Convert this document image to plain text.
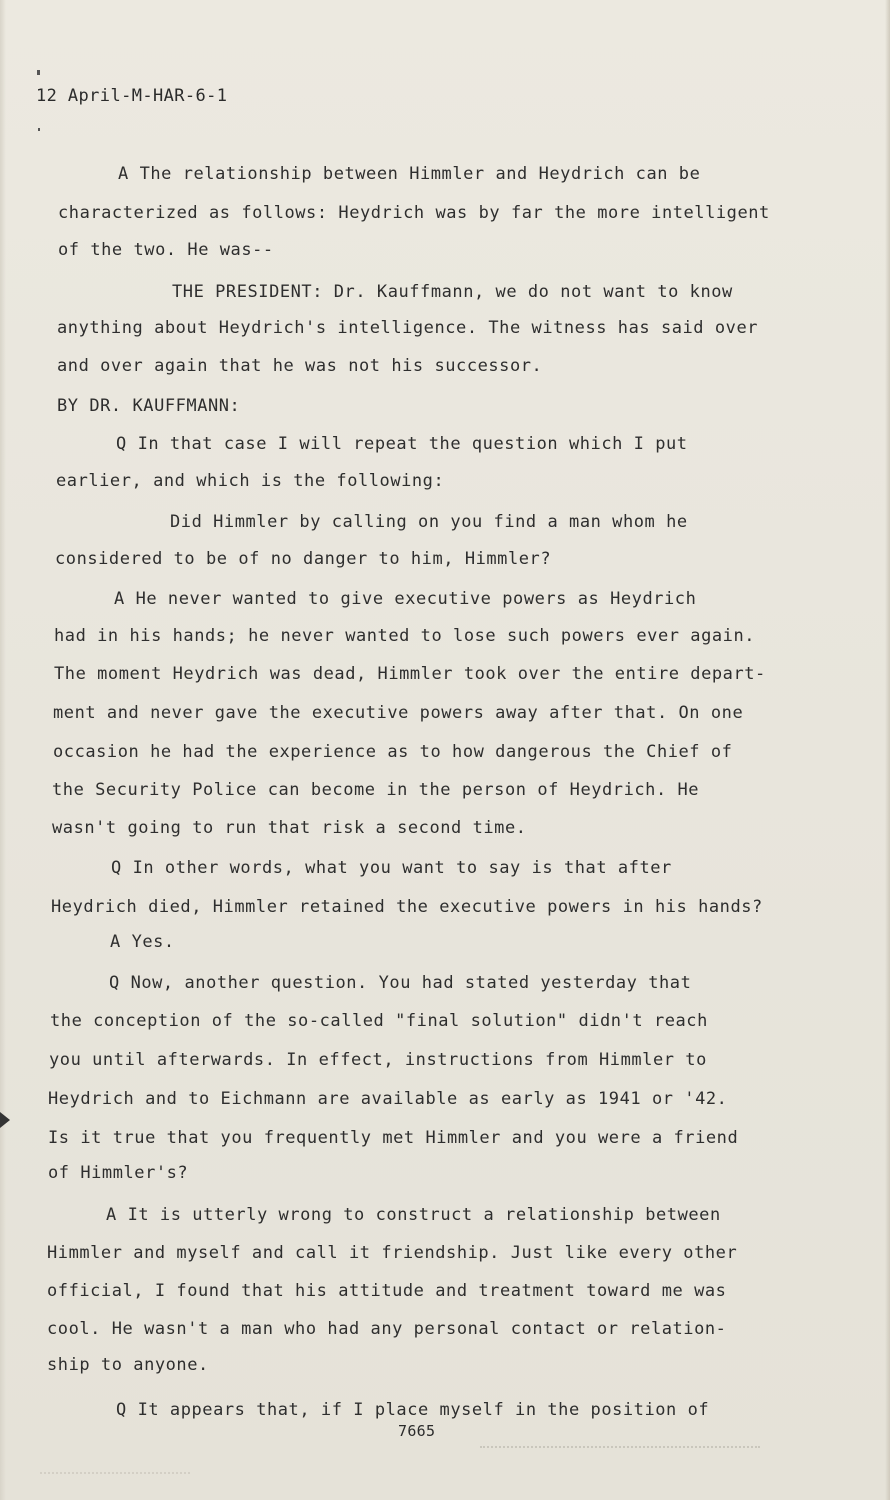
12 April-M-HAR-6-1
A The relationship between Himmler and Heydrich can be
characterized as follows: Heydrich was by far the more intelligent
of the two. He was--
THE PRESIDENT: Dr. Kauffmann, we do not want to know
anything about Heydrich's intelligence. The witness has said over
and over again that he was not his successor.
BY DR. KAUFFMANN:
Q In that case I will repeat the question which I put
earlier, and which is the following:
Did Himmler by calling on you find a man whom he
considered to be of no danger to him, Himmler?
A He never wanted to give executive powers as Heydrich
had in his hands; he never wanted to lose such powers ever again.
The moment Heydrich was dead, Himmler took over the entire depart-
ment and never gave the executive powers away after that. On one
occasion he had the experience as to how dangerous the Chief of
the Security Police can become in the person of Heydrich. He
wasn't going to run that risk a second time.
Q In other words, what you want to say is that after
Heydrich died, Himmler retained the executive powers in his hands?
A Yes.
Q Now, another question. You had stated yesterday that
the conception of the so-called "final solution" didn't reach
you until afterwards. In effect, instructions from Himmler to
Heydrich and to Eichmann are available as early as 1941 or '42.
Is it true that you frequently met Himmler and you were a friend
of Himmler's?
A It is utterly wrong to construct a relationship between
Himmler and myself and call it friendship. Just like every other
official, I found that his attitude and treatment toward me was
cool. He wasn't a man who had any personal contact or relation-
ship to anyone.
Q It appears that, if I place myself in the position of
7665
